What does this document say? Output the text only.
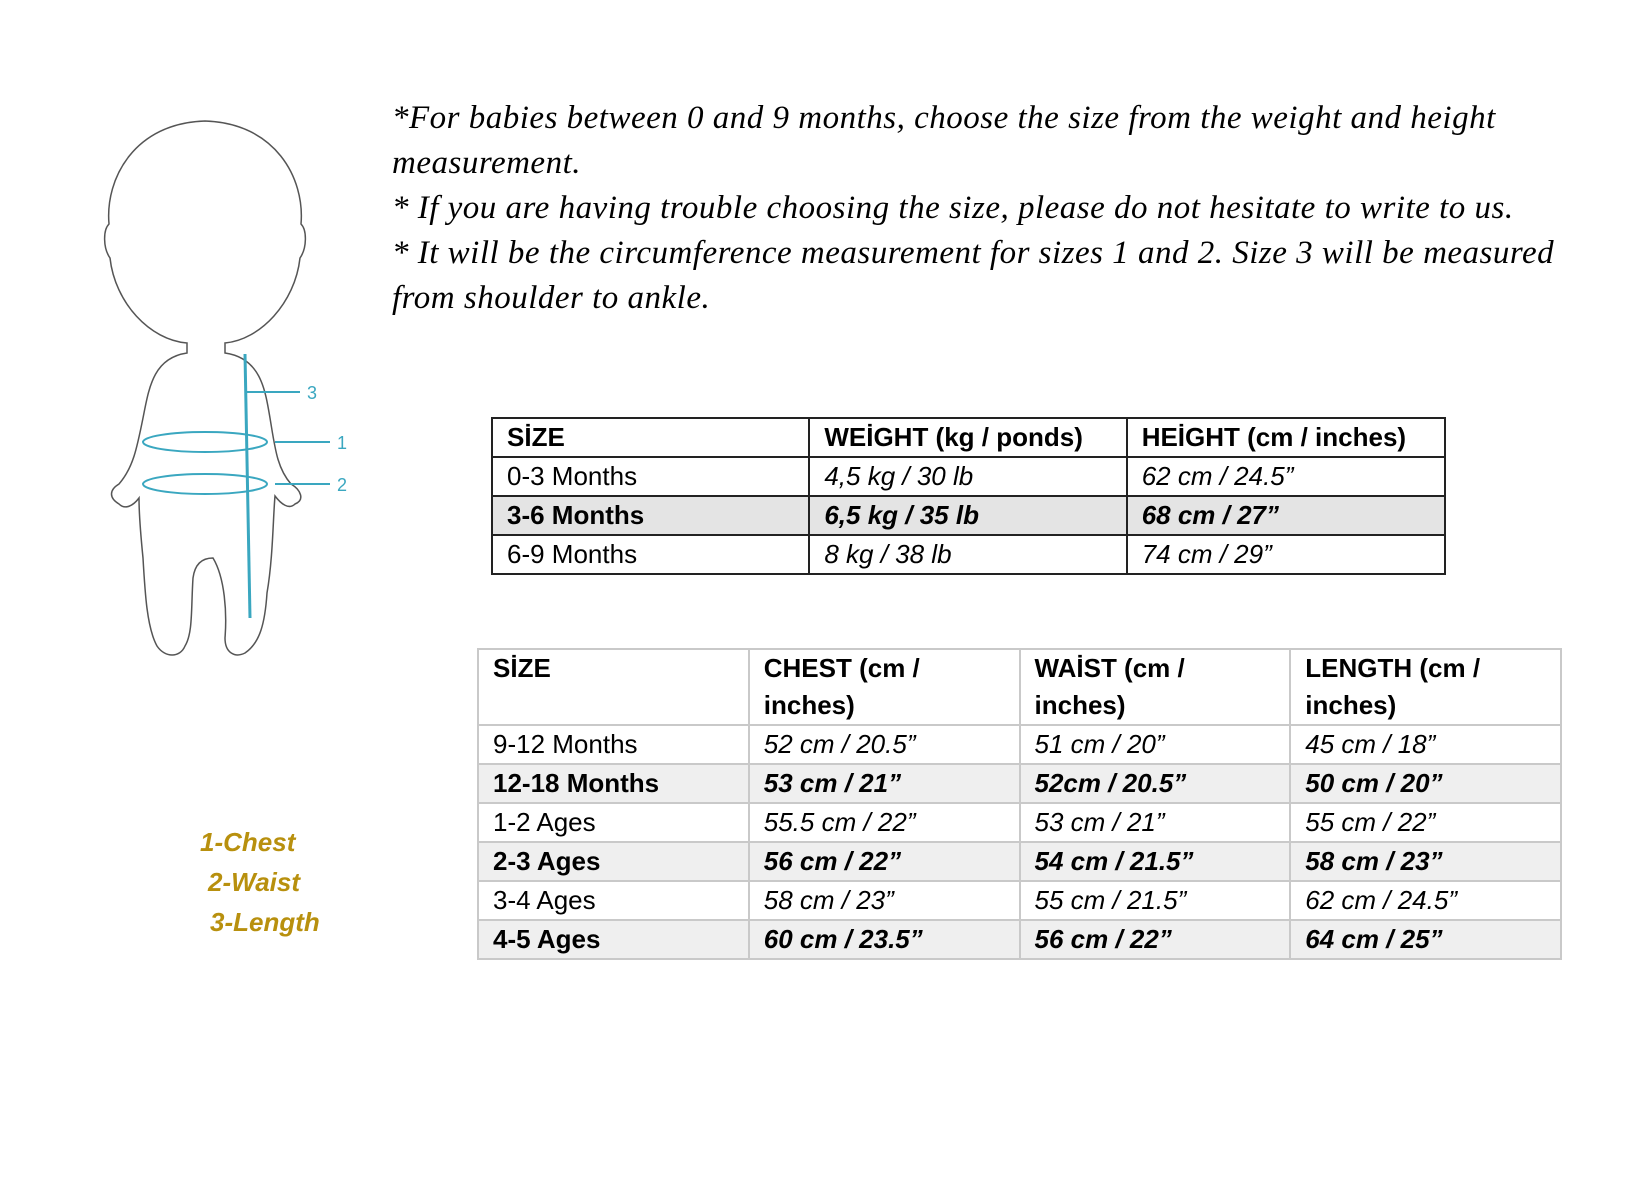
*For babies between 0 and 9 months, choose the size from the weight and height measurement.

* If you are having trouble choosing the size, please do not hesitate to write to us.

* It will be the circumference measurement for sizes 1 and 2. Size 3 will be measured from shoulder to ankle.

3
1
2
1-Chest
2-Waist
3-Length
SİZE	WEİGHT (kg / ponds)	HEİGHT (cm / inches)
0-3 Months	4,5 kg / 30 lb	62 cm / 24.5”
3-6 Months	6,5 kg / 35 lb	68 cm / 27”
6-9 Months	8 kg / 38 lb	74 cm / 29”
SİZE	CHEST (cm / inches)	WAİST (cm / inches)	LENGTH (cm / inches)
9-12 Months	52 cm / 20.5”	51 cm / 20”	45 cm / 18”
12-18 Months	53 cm / 21”	52cm / 20.5”	50 cm / 20”
1-2 Ages	55.5 cm / 22”	53 cm / 21”	55 cm / 22”
2-3 Ages	56 cm / 22”	54 cm / 21.5”	58 cm / 23”
3-4 Ages	58 cm / 23”	55 cm / 21.5”	62 cm / 24.5”
4-5 Ages	60 cm / 23.5”	56 cm / 22”	64 cm / 25”
